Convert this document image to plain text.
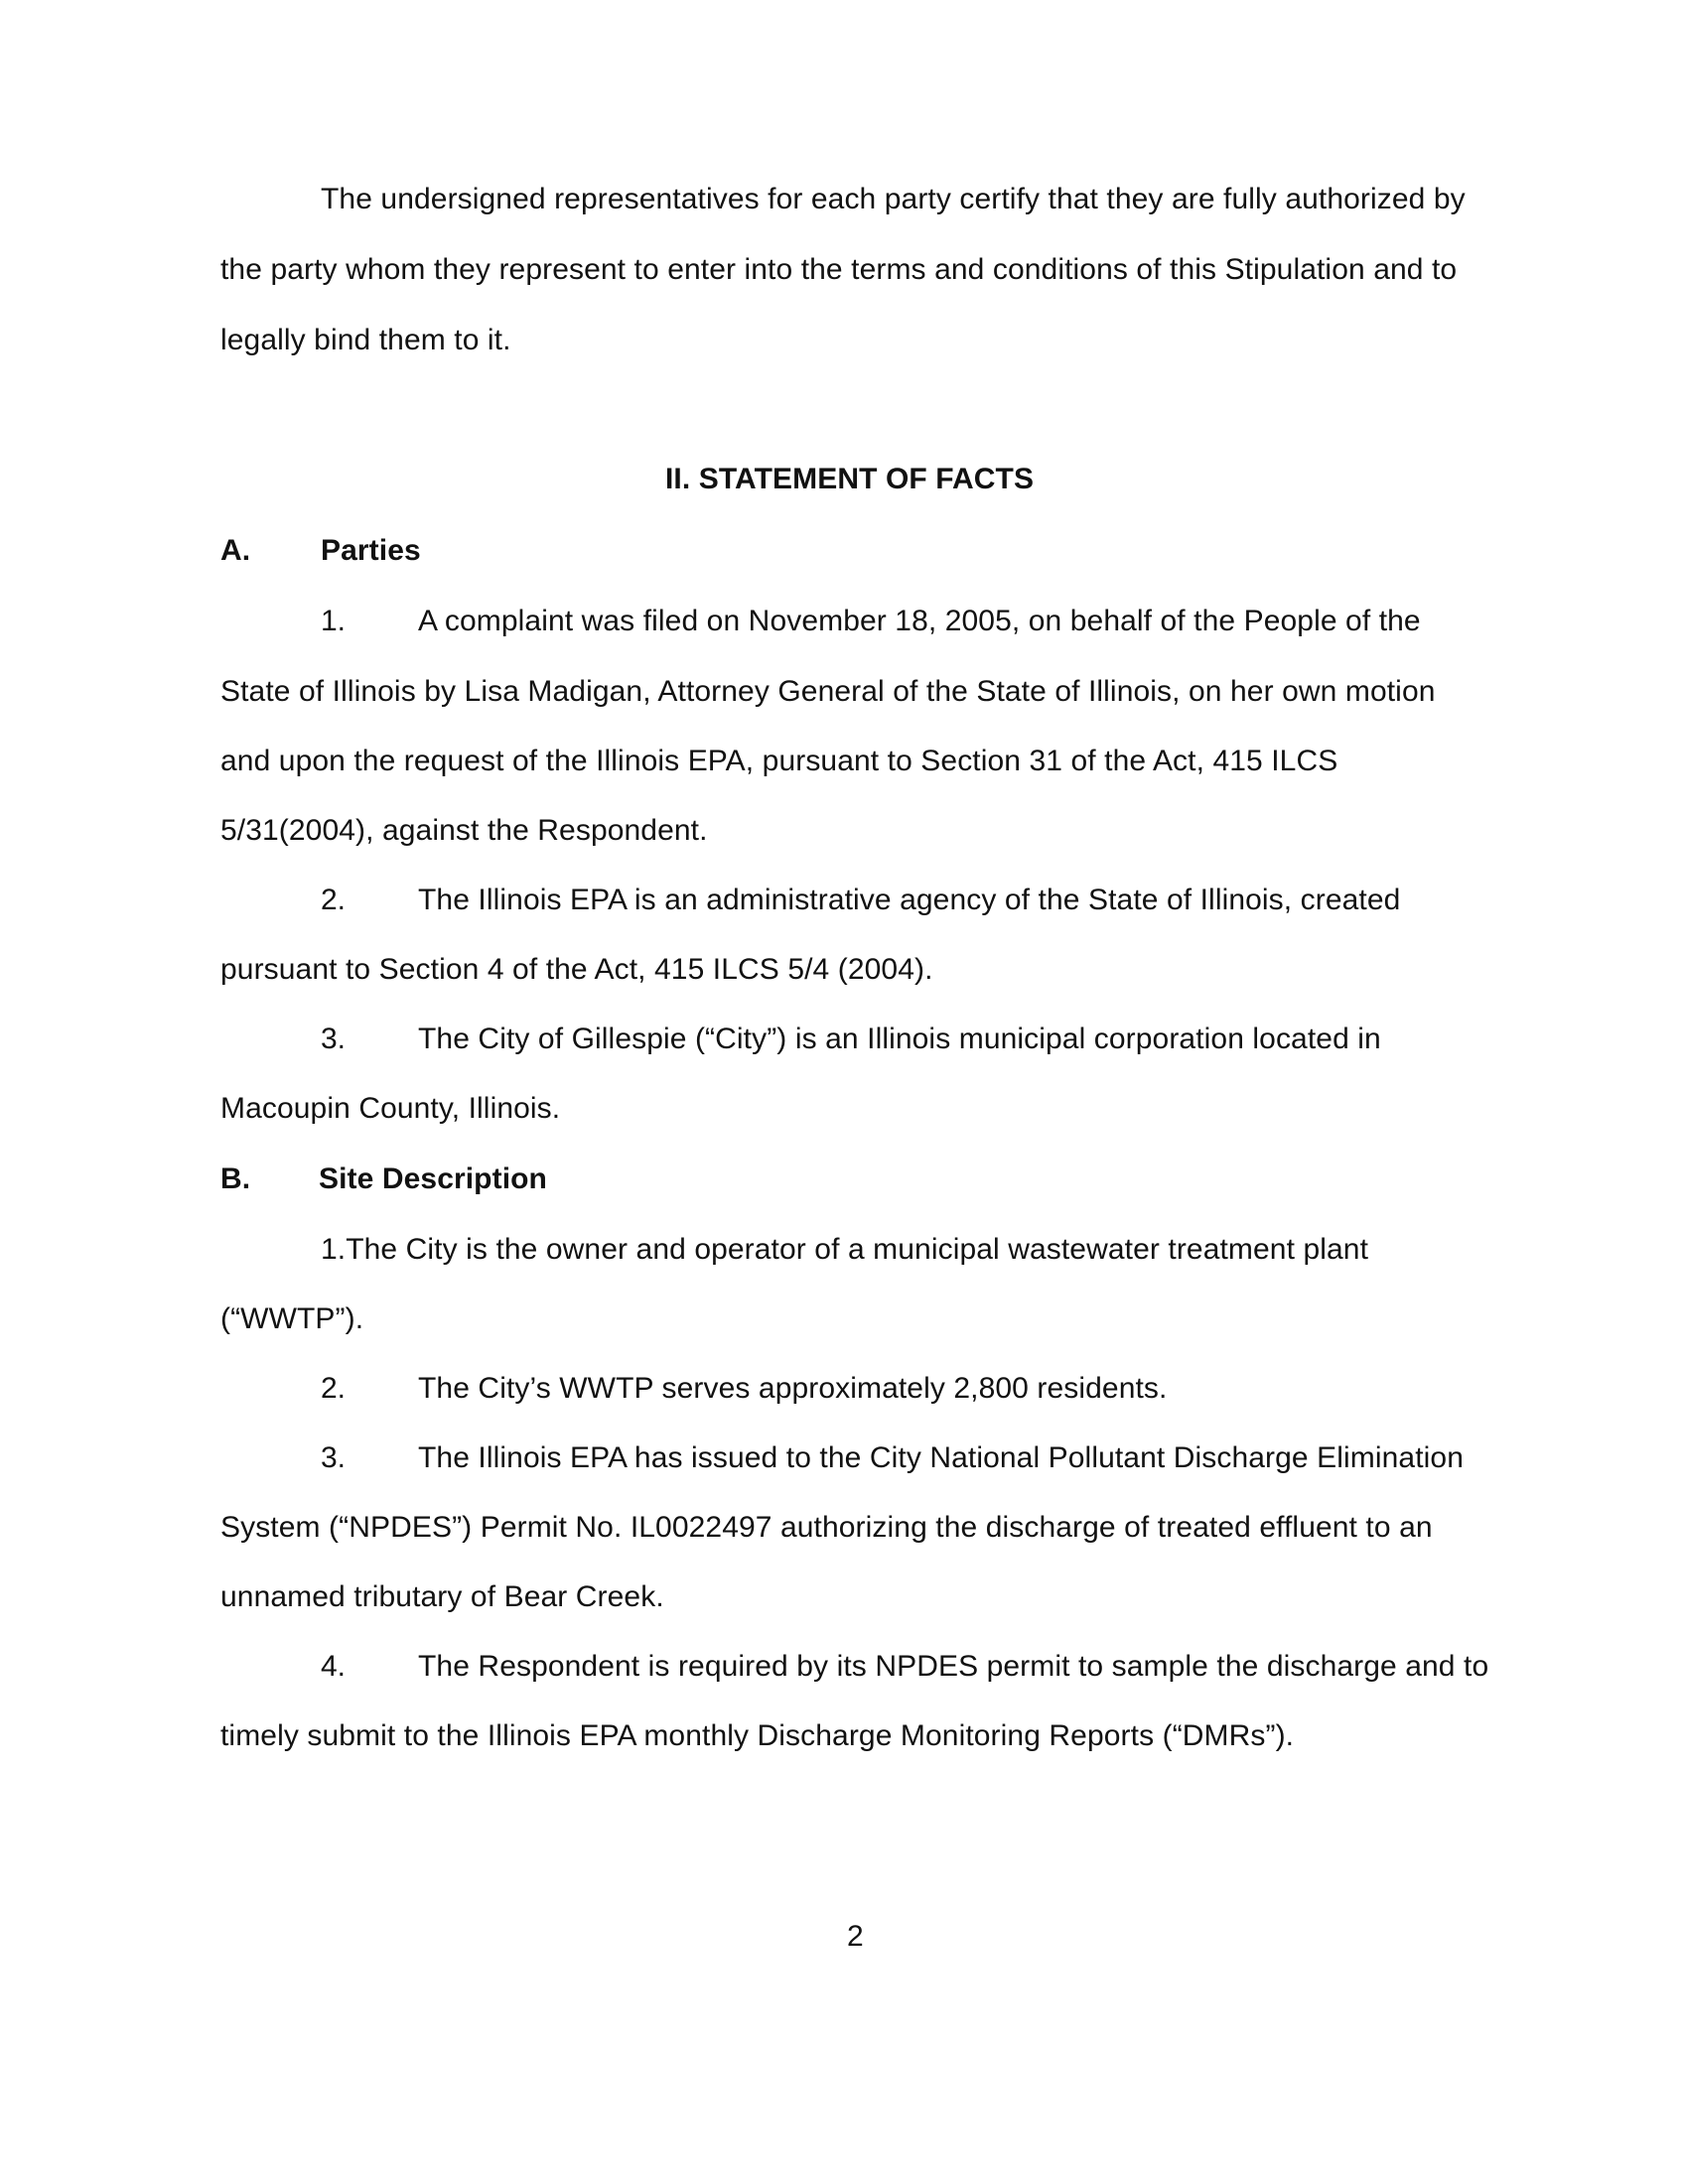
The undersigned representatives for each party certify that they are fully authorized by
the party whom they represent to enter into the terms and conditions of this Stipulation and to
legally bind them to it.
II. STATEMENT OF FACTS
A. Parties
1. A complaint was filed on November 18, 2005, on behalf of the People of the
State of Illinois by Lisa Madigan, Attorney General of the State of Illinois, on her own motion
and upon the request of the Illinois EPA, pursuant to Section 31 of the Act, 415 ILCS
5/31(2004), against the Respondent.
2. The Illinois EPA is an administrative agency of the State of Illinois, created
pursuant to Section 4 of the Act, 415 ILCS 5/4 (2004).
3. The City of Gillespie (“City”) is an Illinois municipal corporation located in
Macoupin County, Illinois.
B. Site Description
1.The City is the owner and operator of a municipal wastewater treatment plant
(“WWTP”).
2. The City’s WWTP serves approximately 2,800 residents.
3. The Illinois EPA has issued to the City National Pollutant Discharge Elimination
System (“NPDES”) Permit No. IL0022497 authorizing the discharge of treated effluent to an
unnamed tributary of Bear Creek.
4. The Respondent is required by its NPDES permit to sample the discharge and to
timely submit to the Illinois EPA monthly Discharge Monitoring Reports (“DMRs”).
2
